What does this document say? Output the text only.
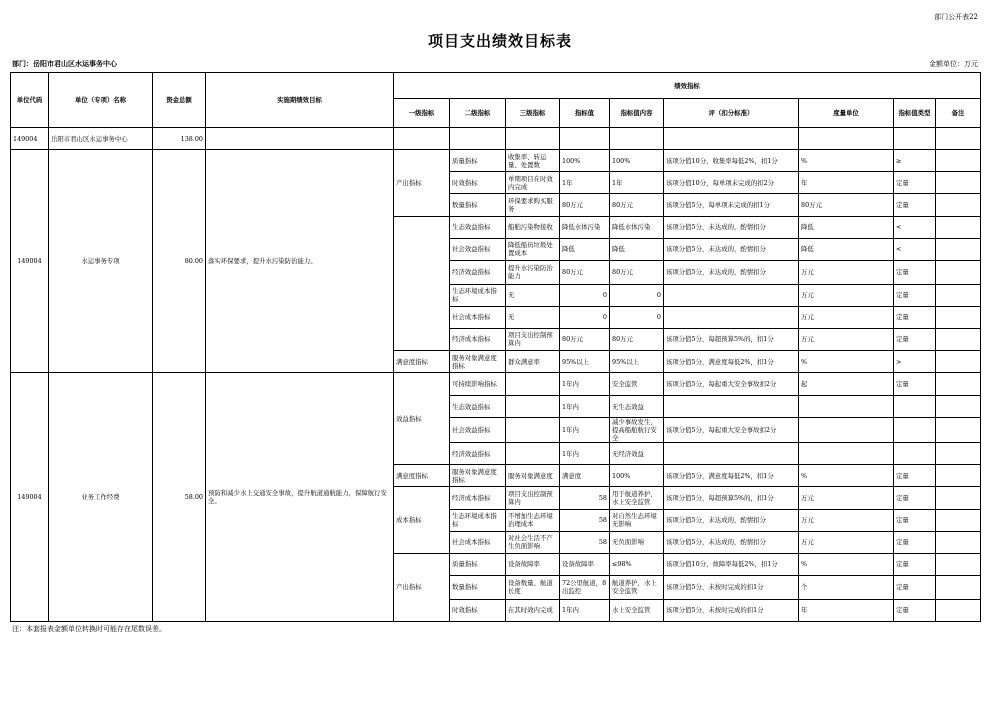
部门公开表22
项目支出绩效目标表
部门：岳阳市君山区水运事务中心	金额单位：万元
单位代码	单位（专项）名称	资金总额	实施期绩效目标	绩效指标								
				一级指标	二级指标	三级指标	指标值	指标值内容	评（扣分标准）	度量单位	指标值类型	备注
149004	岳阳市君山区水运事务中心	138.00										
149004	水运事务专项	80.00	落实环保要求，提升水污染防治能力。	产出指标	质量指标	收集率、转运量、处置数	100%	100%	该项分值10分，收集率每低2%，扣1分	%	≥	
					时效指标	单期项目在时效内完成	1年	1年	该项分值10分，每单项未完成的扣2分	年	定量	
					数量指标	环保要求购买服务	80万元	80万元	该项分值5分，每单项未完成的扣1分	80万元	定量	
					生态效益指标	船舶污染物接收	降低水体污染	降低水体污染	该项分值5分，未达成的，酌情扣分	降低	<	
					社会效益指标	降低船员垃圾处置成本	降低	降低	该项分值5分，未达成的，酌情扣分	降低	<	
					经济效益指标	提升水污染防治能力	80万元	80万元	该项分值5分，未达成的，酌情扣分	万元	定量	
					生态环境成本指标	无	0	0		万元	定量	
					社会成本指标	无	0	0		万元	定量	
					经济成本指标	项目支出控制预算内	80万元	80万元	该项分值5分，每超预算5%的，扣1分	万元	定量	
				满意度指标	服务对象满意度指标	群众满意率	95%以上	95%以上	该项分值5分，满意度每低2%，扣1分	%	>	
149004	业务工作经费	58.00	预防和减少水上交通安全事故，提升航道通航能力，保障航行安全。	效益指标	可持续影响指标		1年内	安全监管	该项分值5分，每起重大安全事故扣2分	起	定量	
					生态效益指标		1年内	无生态效益				
					社会效益指标		1年内	减少事故发生，提高船舶航行安全	该项分值5分，每起重大安全事故扣2分			
					经济效益指标		1年内	无经济效益				
				满意度指标	服务对象满意度指标	服务对象满意度	满意度	100%	该项分值5分，满意度每低2%，扣1分	%	定量	
				成本指标	经济成本指标	项目支出控制预算内	58	用于航道养护，水上安全监管	该项分值5分，每超预算5%的，扣1分	万元	定量	
					生态环境成本指标	不增加生态环境治理成本	58	对自然生态环境无影响	该项分值5分，未达成的，酌情扣分	万元	定量	
					社会成本指标	对社会生活不产生负面影响	58	无负面影响	该项分值5分，未达成的，酌情扣分	万元	定量	
				产出指标	质量指标	设备故障率	设备故障率	≤98%	该项分值10分，故障率每低2%，扣1分	%	定量	
					数量指标	设备数量、航道长度	72公里航道，8出监控	航道养护，水上安全监管	该项分值5分，未按时完成的扣1分	个	定量	
					时效指标	在其时效内完成	1年内	水上安全监管	该项分值5分，未按时完成的扣1分	年	定量	
注：本套报表金额单位转换时可能存在尾数误差。
